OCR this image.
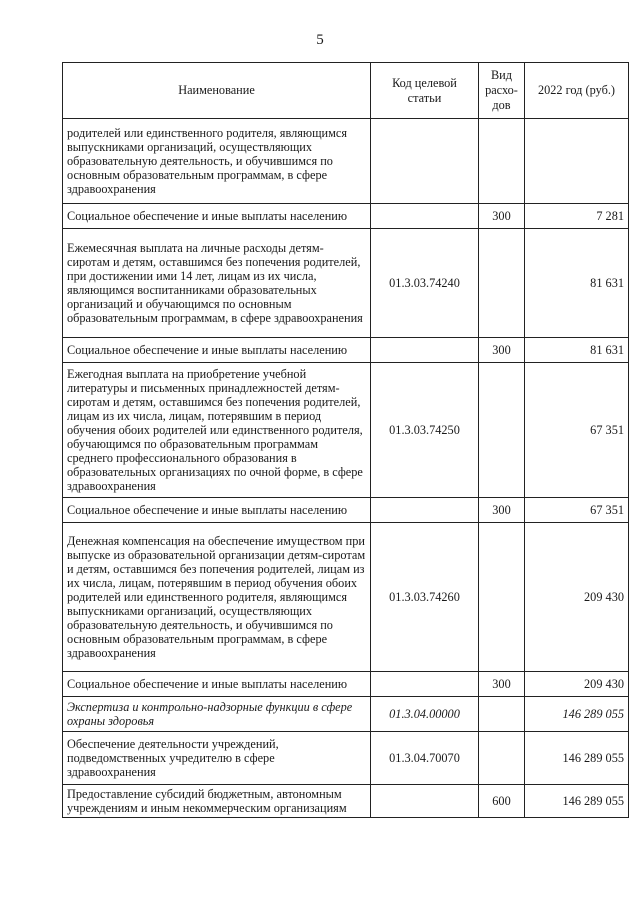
5
Наименование	Код целевой статьи	Вид расхо-дов	2022 год (руб.)
родителей или единственного родителя, являющимся выпускниками организаций, осуществляющих образовательную деятельность, и обучившимся по основным образовательным программам, в сфере здравоохранения			
Социальное обеспечение и иные выплаты населению		300	7 281
Ежемесячная выплата на личные расходы детям-сиротам и детям, оставшимся без попечения родителей, при достижении ими 14 лет, лицам из их числа, являющимся воспитанниками образовательных организаций и обучающимся по основным образовательным программам, в сфере здравоохранения	01.3.03.74240		81 631
Социальное обеспечение и иные выплаты населению		300	81 631
Ежегодная выплата на приобретение учебной литературы и письменных принадлежностей детям-сиротам и детям, оставшимся без попечения родителей, лицам из их числа, лицам, потерявшим в период обучения обоих родителей или единственного родителя, обучающимся по образовательным программам среднего профессионального образования в образовательных организациях по очной форме, в сфере здравоохранения	01.3.03.74250		67 351
Социальное обеспечение и иные выплаты населению		300	67 351
Денежная компенсация на обеспечение имуществом при выпуске из образовательной организации детям-сиротам и детям, оставшимся без попечения родителей, лицам из их числа, лицам, потерявшим в период обучения обоих родителей или единственного родителя, являющимся выпускниками организаций, осуществляющих образовательную деятельность, и обучившимся по основным образовательным программам, в сфере здравоохранения	01.3.03.74260		209 430
Социальное обеспечение и иные выплаты населению		300	209 430
Экспертиза и контрольно-надзорные функции в сфере охраны здоровья	01.3.04.00000		146 289 055
Обеспечение деятельности учреждений, подведомственных учредителю в сфере здравоохранения	01.3.04.70070		146 289 055
Предоставление субсидий бюджетным, автономным учреждениям и иным некоммерческим организациям		600	146 289 055
